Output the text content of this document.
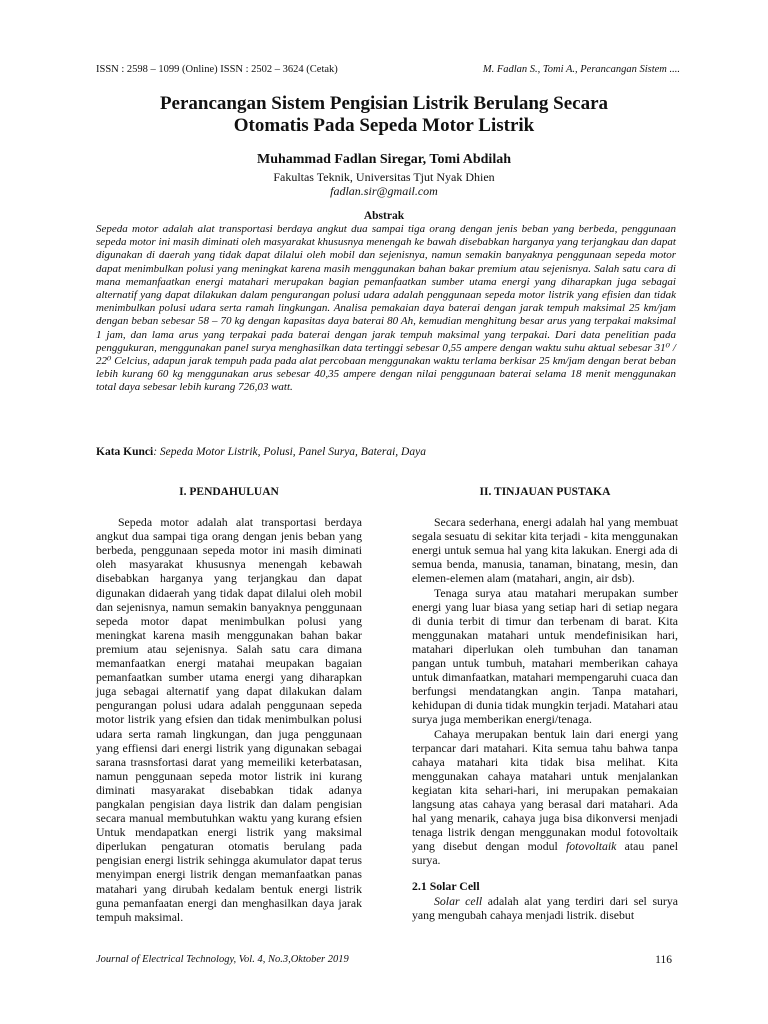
ISSN : 2598 – 1099 (Online) ISSN : 2502 – 3624 (Cetak)	M. Fadlan S., Tomi A., Perancangan Sistem ....
Perancangan Sistem Pengisian Listrik Berulang Secara
Otomatis Pada Sepeda Motor Listrik
Muhammad Fadlan Siregar, Tomi Abdilah
Fakultas Teknik, Universitas Tjut Nyak Dhien
fadlan.sir@gmail.com
Abstrak

Sepeda motor adalah alat transportasi berdaya angkut dua sampai tiga orang dengan jenis beban yang berbeda, penggunaan sepeda motor ini masih diminati oleh masyarakat khususnya menengah ke bawah disebabkan harganya yang terjangkau dan dapat digunakan di daerah yang tidak dapat dilalui oleh mobil dan sejenisnya, namun semakin banyaknya penggunaan sepeda motor dapat menimbulkan polusi yang meningkat karena masih menggunakan bahan bakar premium atau sejenisnya. Salah satu cara di mana memanfaatkan energi matahari merupakan bagian pemanfaatkan sumber utama energi yang diharapkan juga sebagai alternatif yang dapat dilakukan dalam pengurangan polusi udara adalah penggunaan sepeda motor listrik yang efisien dan tidak menimbulkan polusi udara serta ramah lingkungan. Analisa pemakaian daya baterai dengan jarak tempuh maksimal 25 km/jam dengan beban sebesar 58 – 70 kg dengan kapasitas daya baterai 80 Ah, kemudian menghitung besar arus yang terpakai maksimal 1 jam, dan lama arus yang terpakai pada baterai dengan jarak tempuh maksimal yang terpakai. Dari data penelitian pada penggukuran, menggunakan panel surya menghasilkan data tertinggi sebesar 0,55 ampere dengan waktu suhu aktual sebesar 31⁰ / 22⁰ Celcius, adapun jarak tempuh pada pada alat percobaan menggunakan waktu terlama berkisar 25 km/jam dengan berat beban lebih kurang 60 kg menggunakan arus sebesar 40,35 ampere dengan nilai penggunaan baterai selama 18 menit menggunakan total daya sebesar lebih kurang 726,03 watt.

Kata Kunci: Sepeda Motor Listrik, Polusi, Panel Surya, Baterai, Daya
I. PENDAHULUAN

Sepeda motor adalah alat transportasi berdaya angkut dua sampai tiga orang dengan jenis beban yang berbeda, penggunaan sepeda motor ini masih diminati oleh masyarakat khususnya menengah kebawah disebabkan harganya yang terjangkau dan dapat digunakan didaerah yang tidak dapat dilalui oleh mobil dan sejenisnya, namun semakin banyaknya penggunaan sepeda motor dapat menimbulkan polusi yang meningkat karena masih menggunakan bahan bakar premium atau sejenisnya. Salah satu cara dimana memanfaatkan energi matahai meupakan bagaian pemanfaatkan sumber utama energi yang diharapkan juga sebagai alternatif yang dapat dilakukan dalam pengurangan polusi udara adalah penggunaan sepeda motor listrik yang efsien dan tidak menimbulkan polusi udara serta ramah lingkungan, dan juga penggunaan yang effiensi dari energi listrik yang digunakan sebagai sarana trasnsfortasi darat yang memeiliki keterbatasan, namun penggunaan sepeda motor listrik ini kurang diminati masyarakat disebabkan tidak adanya pangkalan pengisian daya listrik dan dalam pengisian secara manual membutuhkan waktu yang kurang efsien Untuk mendapatkan energi listrik yang maksimal diperlukan pengaturan otomatis berulang pada pengisian energi listrik sehingga akumulator dapat terus menyimpan energi listrik dengan memanfaatkan panas matahari yang dirubah kedalam bentuk energi listrik guna pemanfaatan energi dan menghasilkan daya jarak tempuh maksimal.

II. TINJAUAN PUSTAKA

Secara sederhana, energi adalah hal yang membuat segala sesuatu di sekitar kita terjadi - kita menggunakan energi untuk semua hal yang kita lakukan. Energi ada di semua benda, manusia, tanaman, binatang, mesin, dan elemen-elemen alam (matahari, angin, air dsb).

Tenaga surya atau matahari merupakan sumber energi yang luar biasa yang setiap hari di setiap negara di dunia terbit di timur dan terbenam di barat. Kita menggunakan matahari untuk mendefinisikan hari, matahari diperlukan oleh tumbuhan dan tanaman pangan untuk tumbuh, matahari memberikan cahaya untuk dimanfaatkan, matahari mempengaruhi cuaca dan berfungsi mendatangkan angin. Tanpa matahari, kehidupan di dunia tidak mungkin terjadi. Matahari atau surya juga memberikan energi/tenaga.

Cahaya merupakan bentuk lain dari energi yang terpancar dari matahari. Kita semua tahu bahwa tanpa cahaya matahari kita tidak bisa melihat. Kita menggunakan cahaya matahari untuk menjalankan kegiatan kita sehari-hari, ini merupakan pemakaian langsung atas cahaya yang berasal dari matahari. Ada hal yang menarik, cahaya juga bisa dikonversi menjadi tenaga listrik dengan menggunakan modul fotovoltaik yang disebut dengan modul fotovoltaik atau panel surya.

2.1 Solar Cell

Solar cell adalah alat yang terdiri dari sel surya yang mengubah cahaya menjadi listrik. disebut

Journal of Electrical Technology, Vol. 4, No.3,Oktober 2019	116
